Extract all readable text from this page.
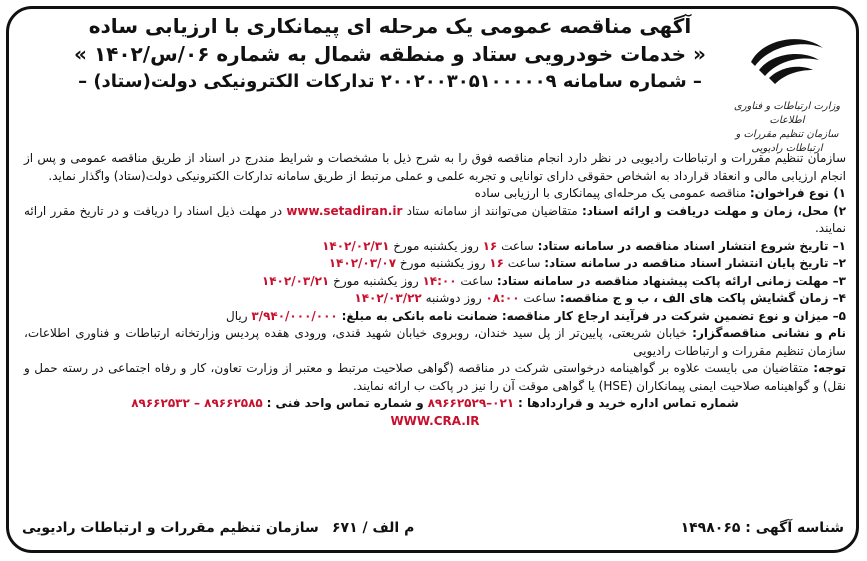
وزارت ارتباطات و فناوری اطلاعات
سازمان تنظیم مقررات و ارتباطات رادیویی
آگهی مناقصه عمومی یک مرحله ای پیمانکاری با ارزیابی ساده
« خدمات خودرویی ستاد و منطقه شمال به شماره ۰۶/س/۱۴۰۲ »
– شماره سامانه ۲۰۰۲۰۰۳۰۵۱۰۰۰۰۰۹ تدارکات الکترونیکی دولت(ستاد) –

سازمان تنظیم مقررات و ارتباطات رادیویی در نظر دارد انجام مناقصه فوق را به شرح ذیل با مشخصات و شرایط مندرج در اسناد از طریق مناقصه عمومی و پس از انجام ارزیابی مالی و انعقاد قرارداد به اشخاص حقوقی دارای توانایی و تجربه علمی و عملی مرتبط از طریق سامانه تدارکات الکترونیکی دولت(ستاد) واگذار نماید.

۱) نوع فراخوان: مناقصه عمومی یک مرحله‌ای پیمانکاری با ارزیابی ساده

۲) محل، زمان و مهلت دریافت و ارائه اسناد: متقاضیان می‌توانند از سامانه ستاد www.setadiran.ir در مهلت ذیل اسناد را دریافت و در تاریخ مقرر ارائه نمایند.

۱– تاریخ شروع انتشار اسناد مناقصه در سامانه ستاد: ساعت ۱۶ روز یکشنبه مورخ ۱۴۰۲/۰۲/۳۱

۲– تاریخ پایان انتشار اسناد مناقصه در سامانه ستاد: ساعت ۱۶ روز یکشنبه مورخ ۱۴۰۲/۰۳/۰۷

۳– مهلت زمانی ارائه پاکت پیشنهاد مناقصه در سامانه ستاد: ساعت ۱۴:۰۰ روز یکشنبه مورخ ۱۴۰۲/۰۳/۲۱

۴– زمان گشایش پاکت های الف ، ب و ج مناقصه: ساعت ۰۸:۰۰ روز دوشنبه ۱۴۰۲/۰۳/۲۲

۵– میزان و نوع تضمین شرکت در فرآیند ارجاع کار مناقصه: ضمانت نامه بانکی به مبلغ: ۳/۹۴۰/۰۰۰/۰۰۰ ریال

نام و نشانی مناقصه‌گزار: خیابان شریعتی، پایین‌تر از پل سید خندان، روبروی خیابان شهید قندی، ورودی هفده پردیس وزارتخانه ارتباطات و فناوری اطلاعات، سازمان تنظیم مقررات و ارتباطات رادیویی

توجه: متقاضیان می بایست علاوه بر گواهینامه درخواستی شرکت در مناقصه (گواهی صلاحیت مرتبط و معتبر از وزارت تعاون، کار و رفاه اجتماعی در رسته حمل و نقل) و گواهینامه صلاحیت ایمنی پیمانکاران (HSE) یا گواهی موقت آن را نیز در پاکت ب ارائه نمایند.

شماره تماس اداره خرید و قراردادها : ۰۲۱–۸۹۶۶۲۵۲۹ و شماره تماس واحد فنی : ۸۹۶۶۲۵۸۵ – ۸۹۶۶۲۵۳۲

WWW.CRA.IR

شناسه آگهی : ۱۴۹۸۰۶۵
م الف / ۶۷۱
سازمان تنظیم مقررات و ارتباطات رادیویی
